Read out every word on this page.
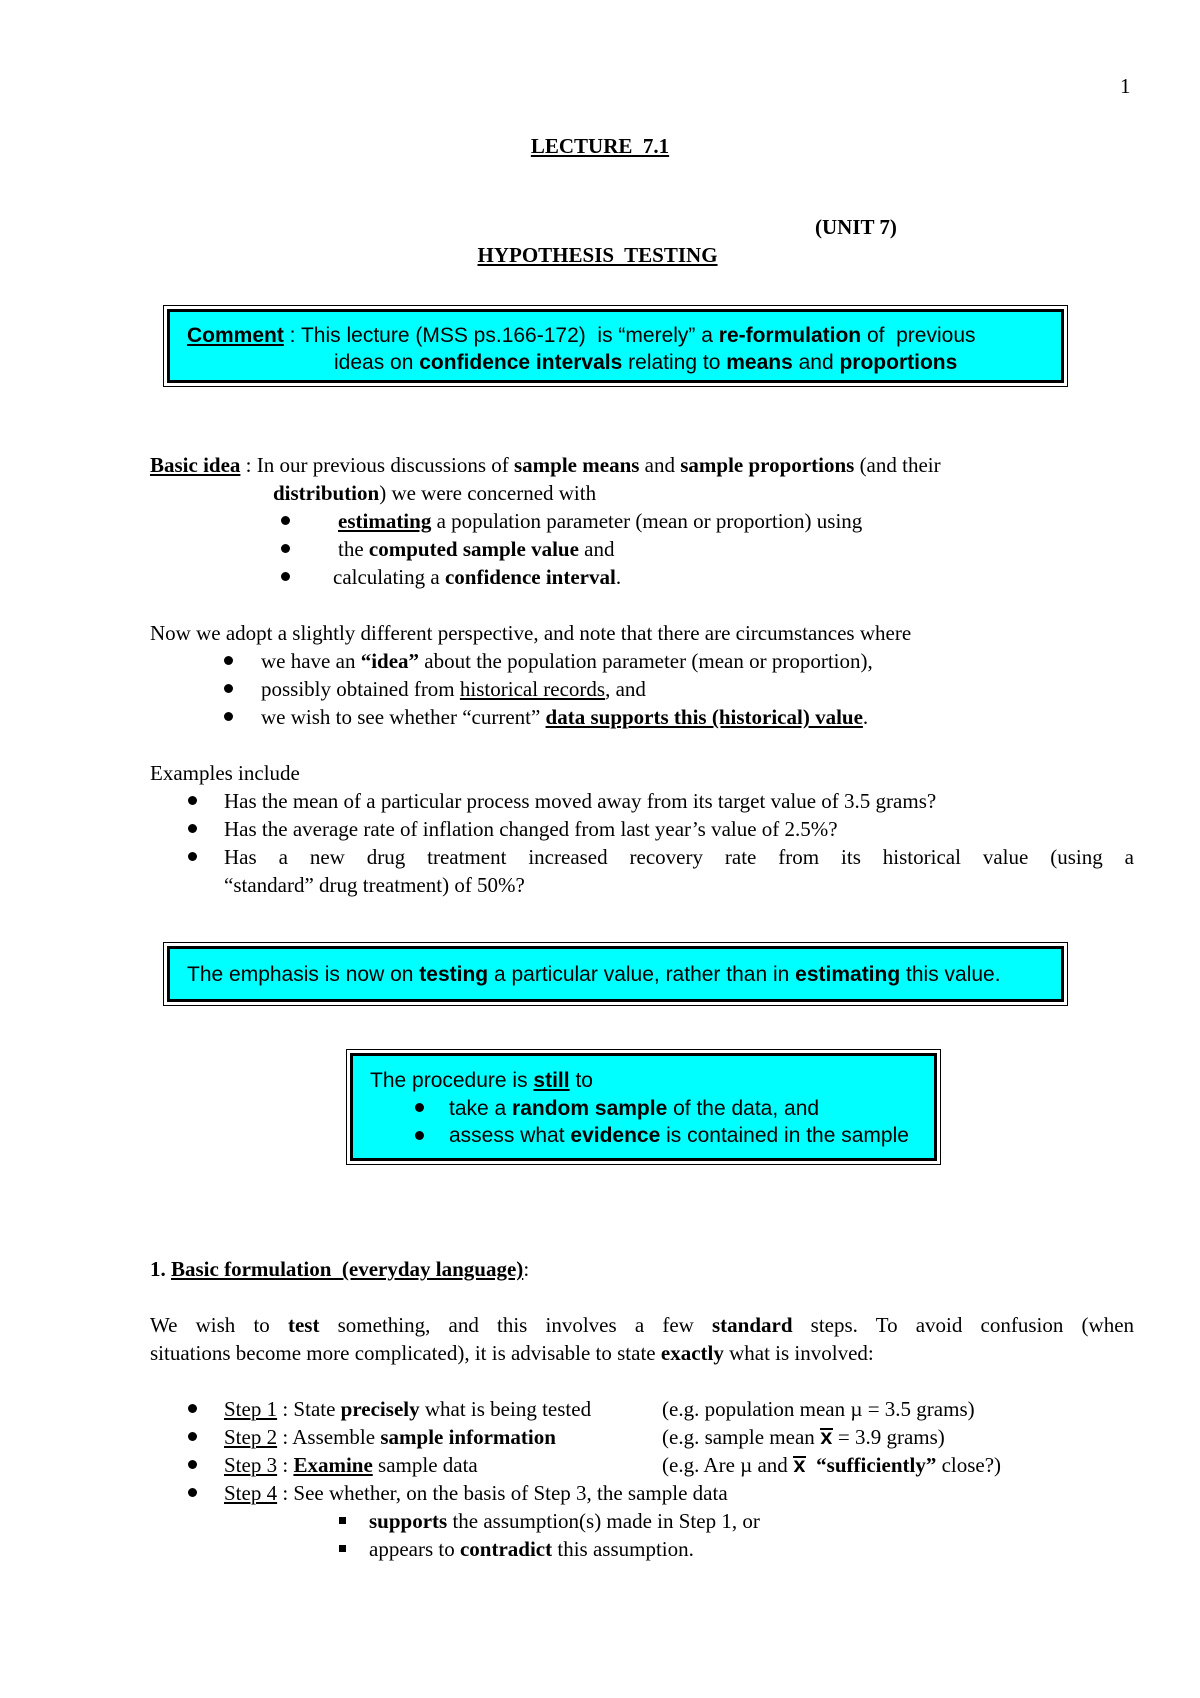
1
LECTURE  7.1

HYPOTHESIS  TESTING

(UNIT 7)
Comment : This lecture (MSS ps.166-172)  is “merely” a re-formulation of  previous
ideas on confidence intervals relating to means and proportions
Basic idea : In our previous discussions of sample means and sample proportions (and their
distribution) we were concerned with
estimating a population parameter (mean or proportion) using
the computed sample value and
calculating a confidence interval.
Now we adopt a slightly different perspective, and note that there are circumstances where
we have an “idea” about the population parameter (mean or proportion),
possibly obtained from historical records, and
we wish to see whether “current” data supports this (historical) value.
Examples include
Has the mean of a particular process moved away from its target value of 3.5 grams?
Has the average rate of inflation changed from last year’s value of 2.5%?
Has a new drug treatment increased recovery rate from its historical value (using a
“standard” drug treatment) of 50%?
The emphasis is now on testing a particular value, rather than in estimating this value.
The procedure is still to
take a random sample of the data, and
assess what evidence is contained in the sample
1. Basic formulation  (everyday language):
We wish to test something, and this involves a few standard steps. To avoid confusion (when
situations become more complicated), it is advisable to state exactly what is involved:
Step 1 : State precisely what is being tested	(e.g. population mean µ = 3.5 grams)
Step 2 : Assemble sample information	(e.g. sample mean x = 3.9 grams)
Step 3 : Examine sample data	(e.g. Are µ and x “sufficiently” close?)
Step 4 : See whether, on the basis of Step 3, the sample data
supports the assumption(s) made in Step 1, or
appears to contradict this assumption.
